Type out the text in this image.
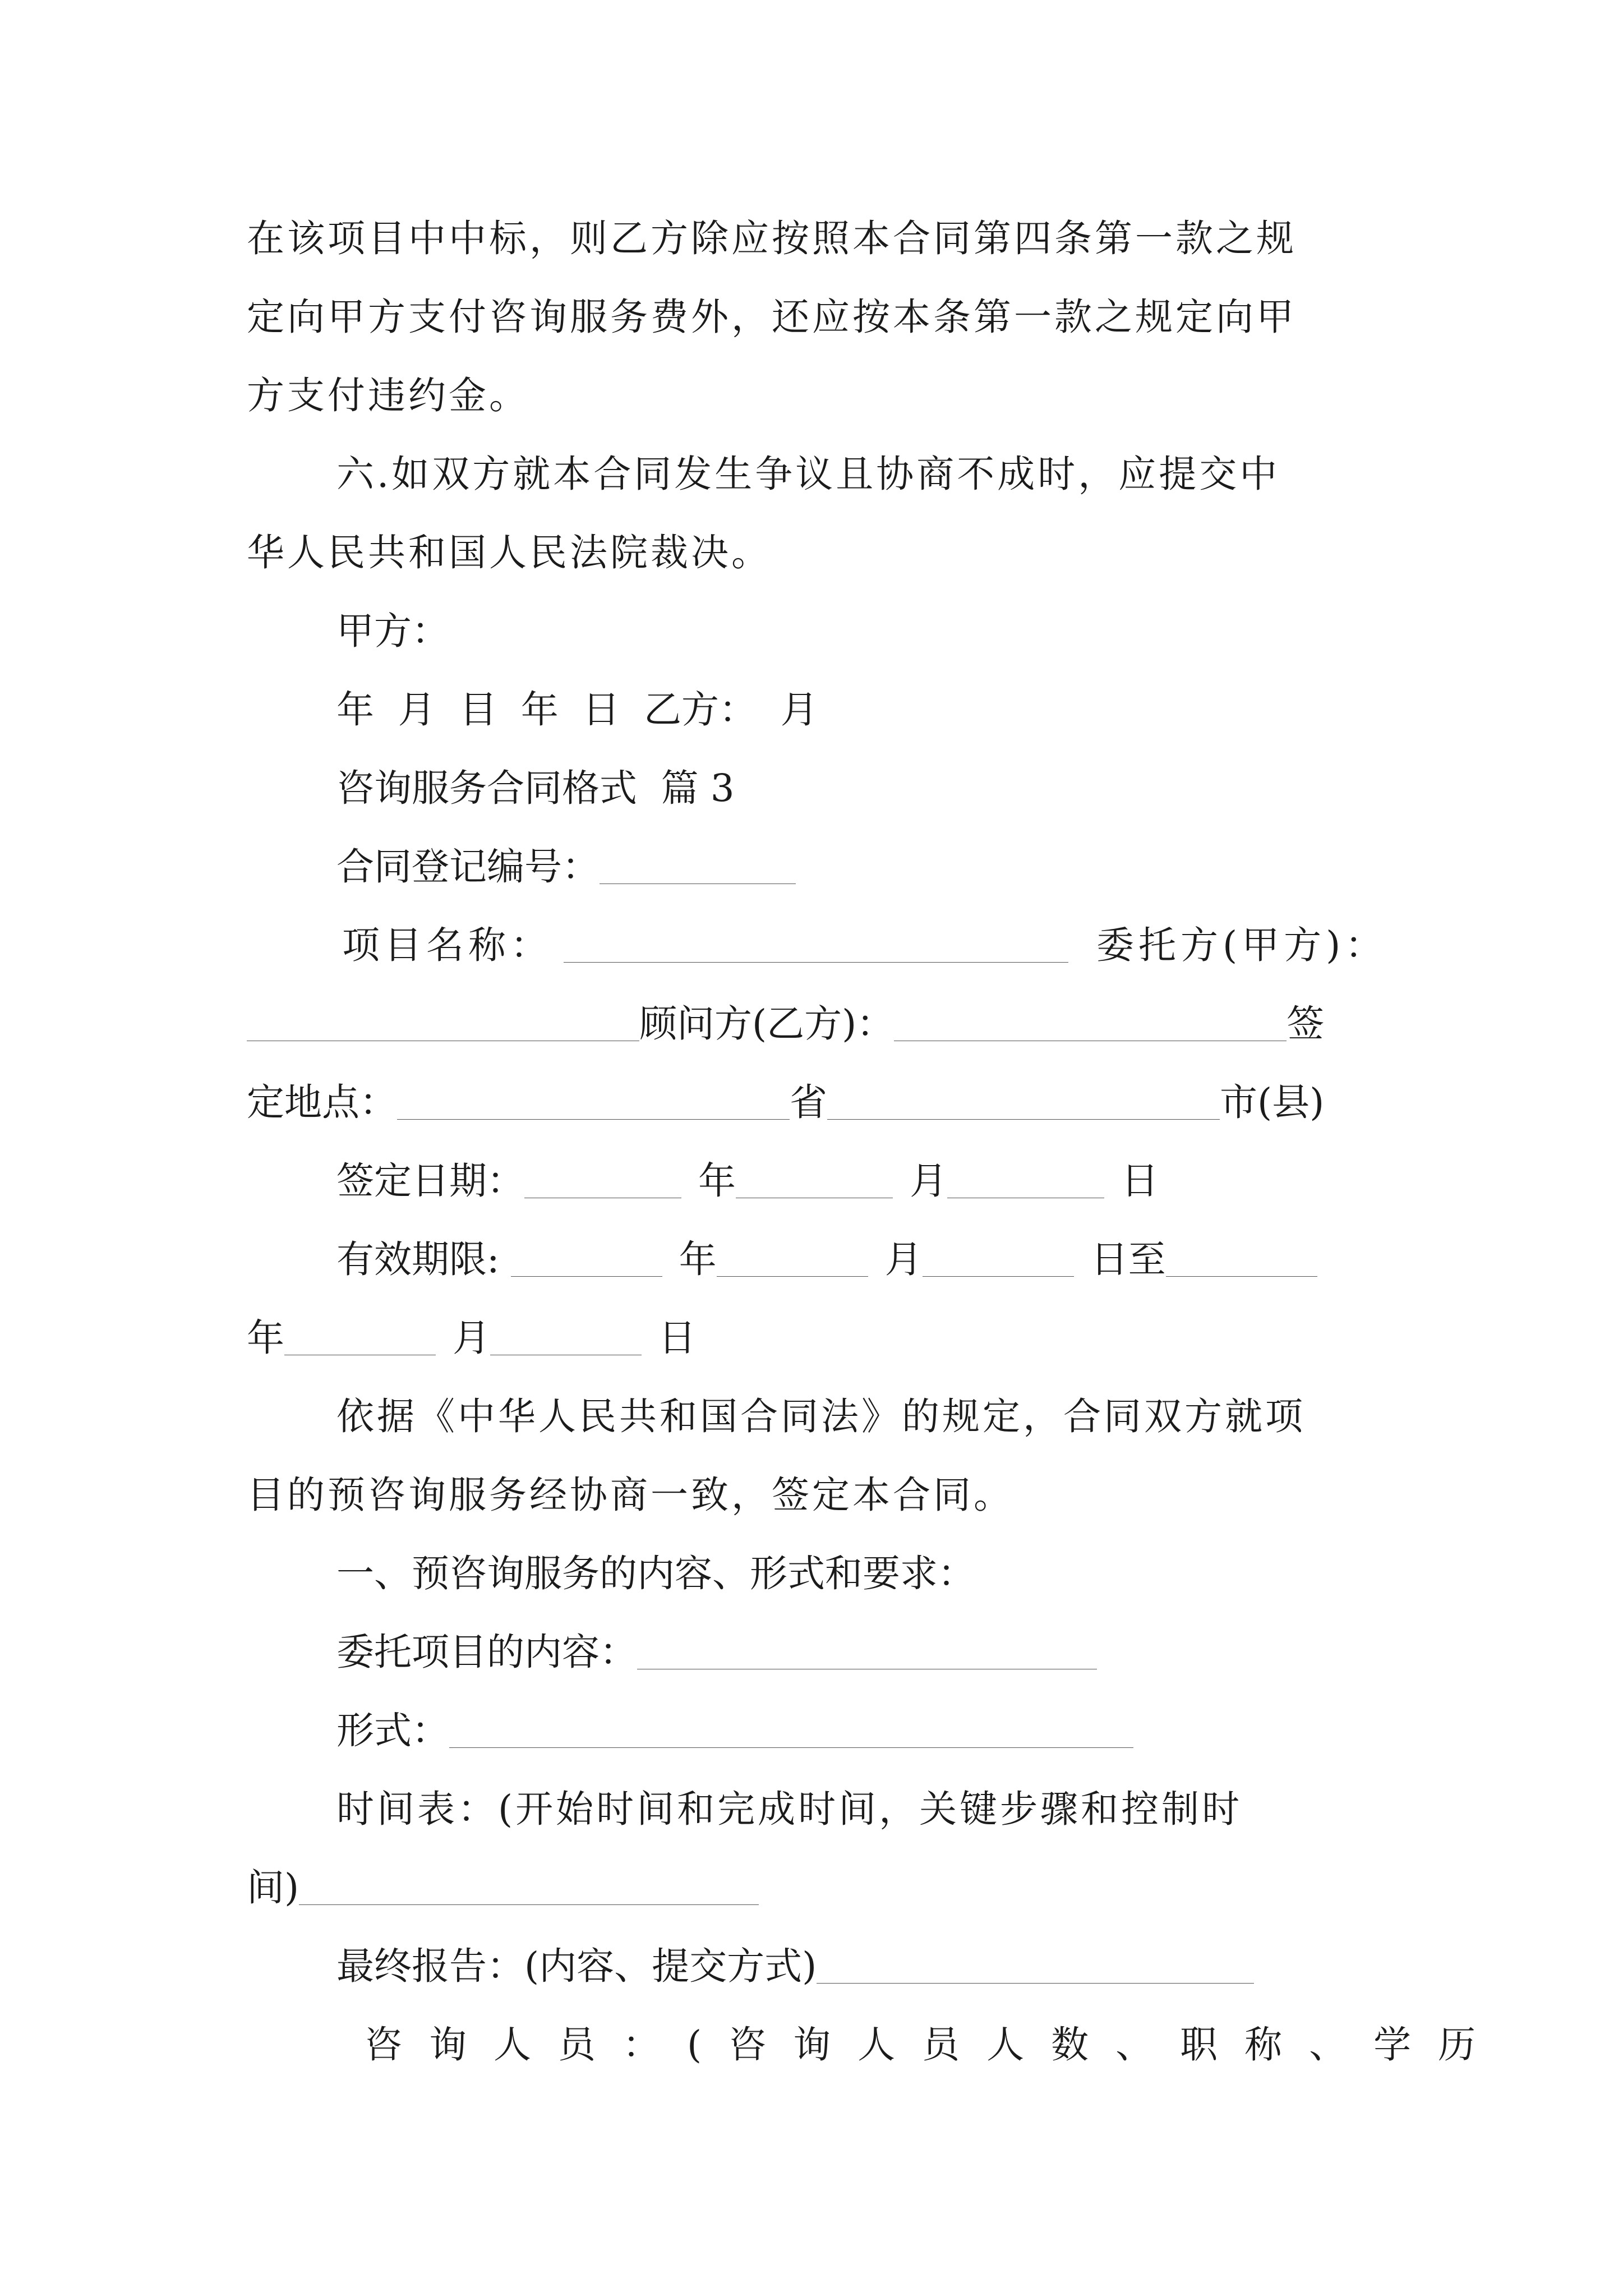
在该项目中中标，则乙方除应按照本合同第四条第一款之规

定向甲方支付咨询服务费外，还应按本条第一款之规定向甲

方支付违约金。

六.如双方就本合同发生争议且协商不成时，应提交中

华人民共和国人民法院裁决。

甲方：

年  月  目  年  日  乙方：  月

咨询服务合同格式  篇 3

合同登记编号：

项目名称：	委托方(甲方)：

顾问方(乙方)：	签

定地点：	省	市(县)

签定日期：	年	月	日

有效期限:	年	月	日至

年	月	日

依据《中华人民共和国合同法》的规定，合同双方就项

目的预咨询服务经协商一致，签定本合同。

一、预咨询服务的内容、形式和要求：

委托项目的内容：

形式：

时间表：(开始时间和完成时间，关键步骤和控制时

间)

最终报告：(内容、提交方式)

咨询人员：(咨询人员人数、职称、学历
